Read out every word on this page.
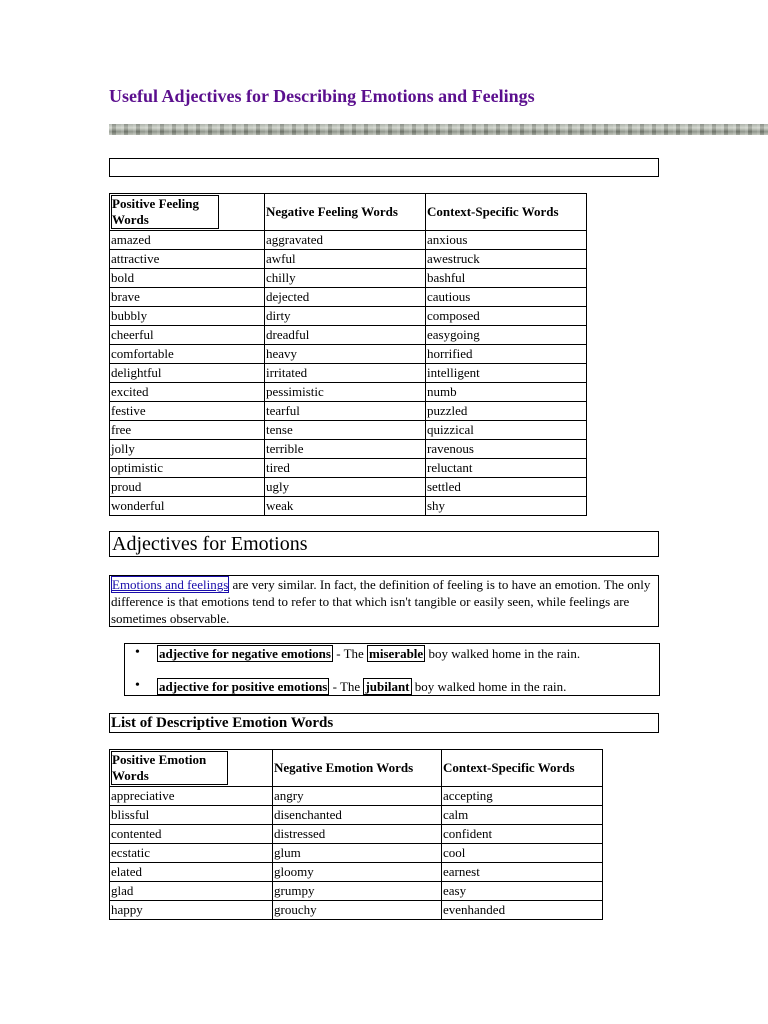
Useful Adjectives for Describing Emotions and Feelings
Positive Feeling Words	Negative Feeling Words	Context-Specific Words
amazed	aggravated	anxious
attractive	awful	awestruck
bold	chilly	bashful
brave	dejected	cautious
bubbly	dirty	composed
cheerful	dreadful	easygoing
comfortable	heavy	horrified
delightful	irritated	intelligent
excited	pessimistic	numb
festive	tearful	puzzled
free	tense	quizzical
jolly	terrible	ravenous
optimistic	tired	reluctant
proud	ugly	settled
wonderful	weak	shy
Adjectives for Emotions
Emotions and feelings are very similar. In fact, the definition of feeling is to have an emotion. The only difference is that emotions tend to refer to that which isn't tangible or easily seen, while feelings are sometimes observable.
• adjective for negative emotions - The miserable boy walked home in the rain.
• adjective for positive emotions - The jubilant boy walked home in the rain.
List of Descriptive Emotion Words
Positive Emotion Words	Negative Emotion Words	Context-Specific Words
appreciative	angry	accepting
blissful	disenchanted	calm
contented	distressed	confident
ecstatic	glum	cool
elated	gloomy	earnest
glad	grumpy	easy
happy	grouchy	evenhanded
